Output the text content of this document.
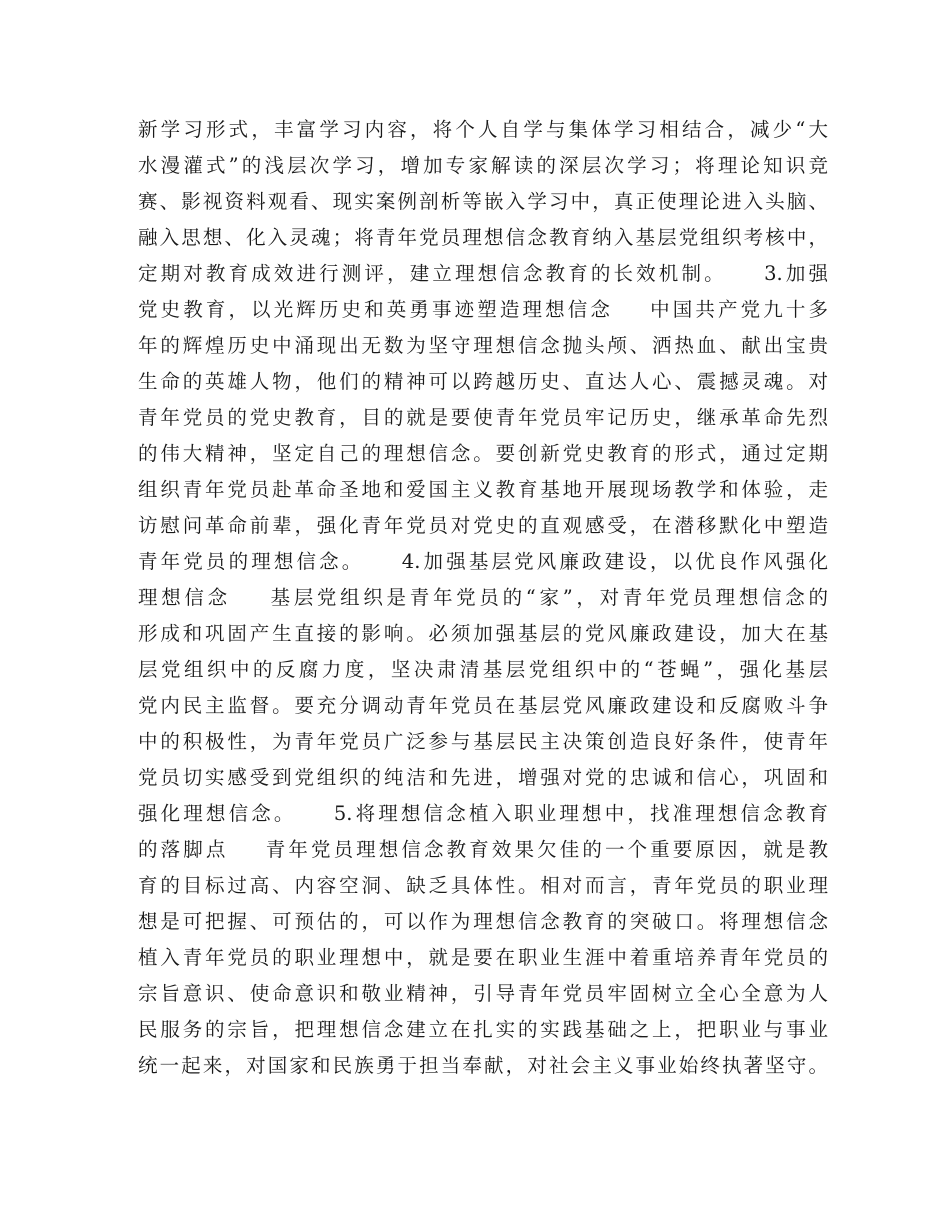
新学习形式，丰富学习内容，将个人自学与集体学习相结合，减少“大
水漫灌式”的浅层次学习，增加专家解读的深层次学习；将理论知识竞
赛、影视资料观看、现实案例剖析等嵌入学习中，真正使理论进入头脑、
融入思想、化入灵魂；将青年党员理想信念教育纳入基层党组织考核中，
定期对教育成效进行测评，建立理想信念教育的长效机制。    3.加强
党史教育，以光辉历史和英勇事迹塑造理想信念    中国共产党九十多
年的辉煌历史中涌现出无数为坚守理想信念抛头颅、洒热血、献出宝贵
生命的英雄人物，他们的精神可以跨越历史、直达人心、震撼灵魂。对
青年党员的党史教育，目的就是要使青年党员牢记历史，继承革命先烈
的伟大精神，坚定自己的理想信念。要创新党史教育的形式，通过定期
组织青年党员赴革命圣地和爱国主义教育基地开展现场教学和体验，走
访慰问革命前辈，强化青年党员对党史的直观感受，在潜移默化中塑造
青年党员的理想信念。    4.加强基层党风廉政建设，以优良作风强化
理想信念    基层党组织是青年党员的“家”，对青年党员理想信念的
形成和巩固产生直接的影响。必须加强基层的党风廉政建设，加大在基
层党组织中的反腐力度，坚决肃清基层党组织中的“苍蝇”，强化基层
党内民主监督。要充分调动青年党员在基层党风廉政建设和反腐败斗争
中的积极性，为青年党员广泛参与基层民主决策创造良好条件，使青年
党员切实感受到党组织的纯洁和先进，增强对党的忠诚和信心，巩固和
强化理想信念。    5.将理想信念植入职业理想中，找准理想信念教育
的落脚点    青年党员理想信念教育效果欠佳的一个重要原因，就是教
育的目标过高、内容空洞、缺乏具体性。相对而言，青年党员的职业理
想是可把握、可预估的，可以作为理想信念教育的突破口。将理想信念
植入青年党员的职业理想中，就是要在职业生涯中着重培养青年党员的
宗旨意识、使命意识和敬业精神，引导青年党员牢固树立全心全意为人
民服务的宗旨，把理想信念建立在扎实的实践基础之上，把职业与事业
统一起来，对国家和民族勇于担当奉献，对社会主义事业始终执著坚守。
